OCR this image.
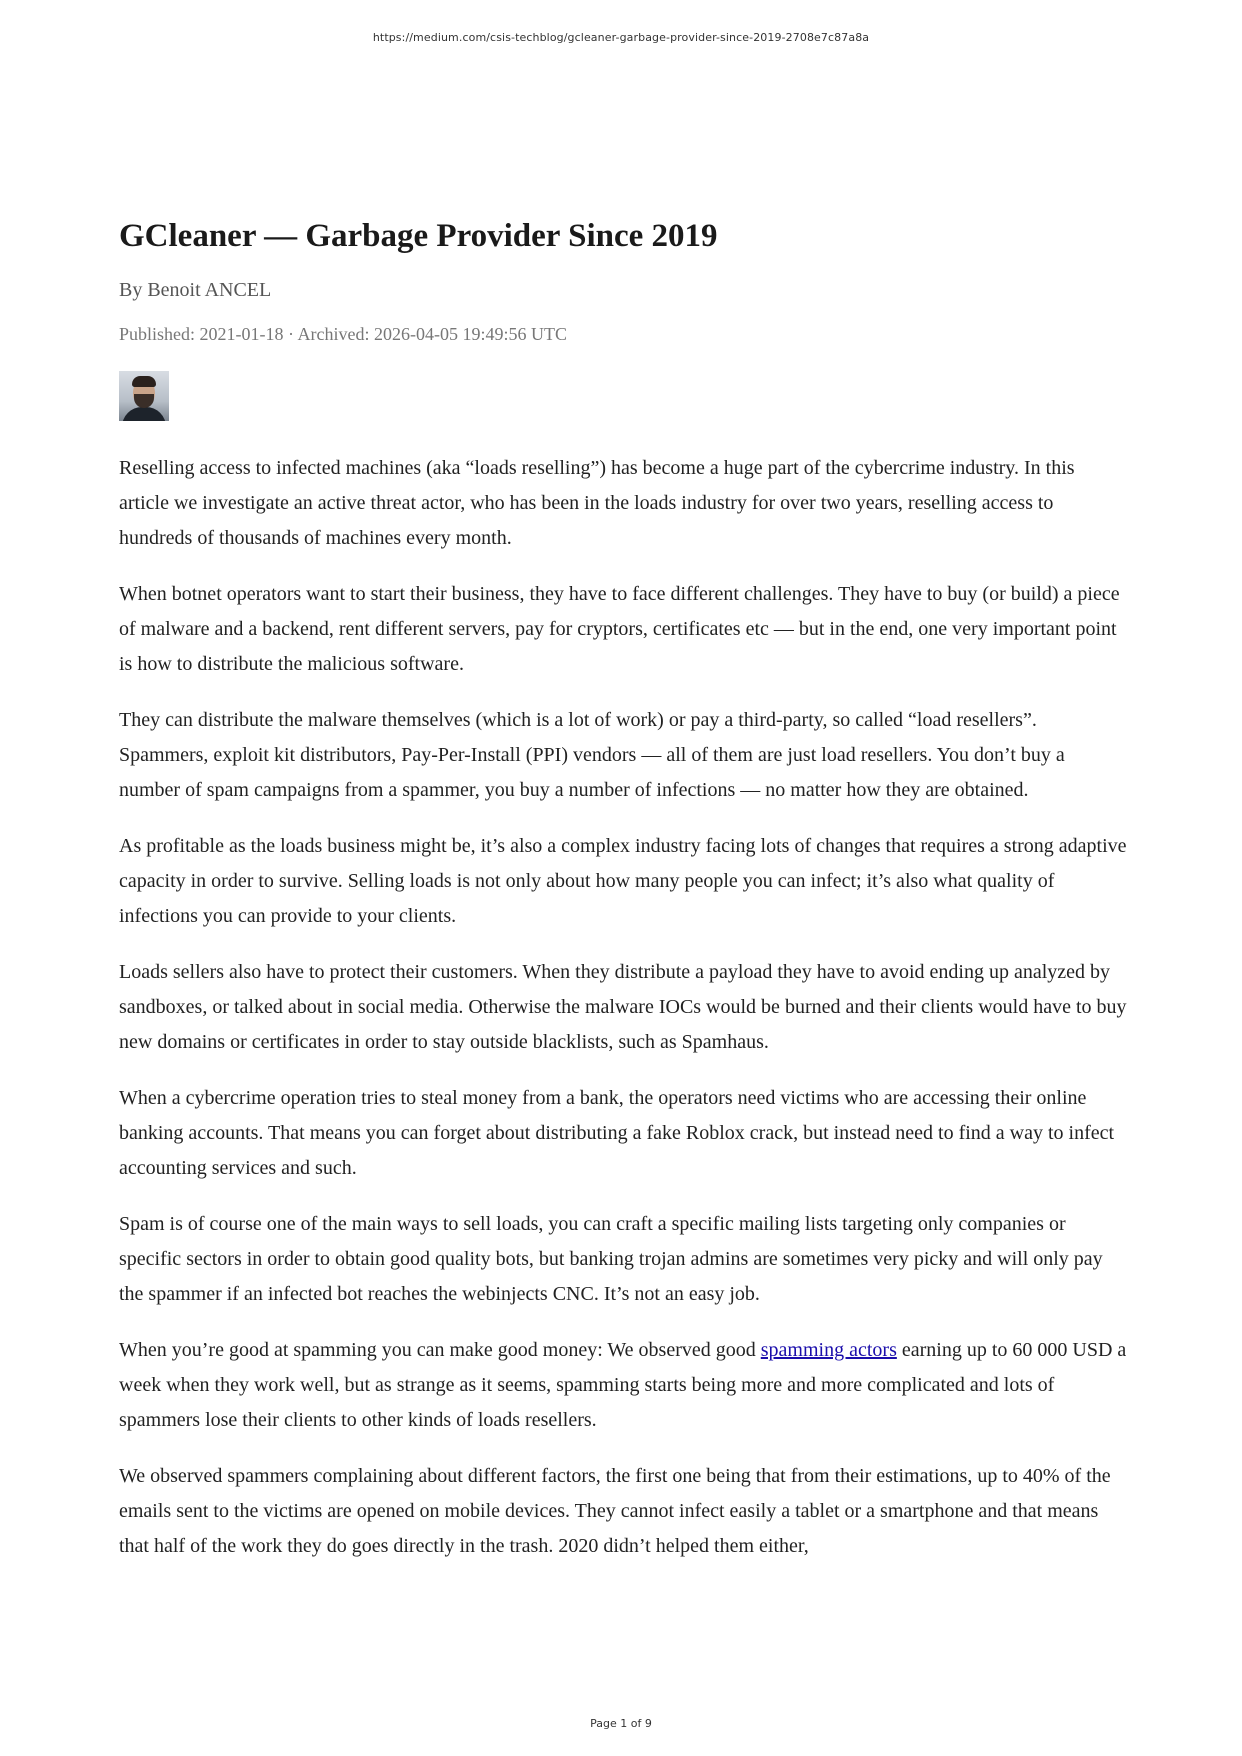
https://medium.com/csis-techblog/gcleaner-garbage-provider-since-2019-2708e7c87a8a
GCleaner — Garbage Provider Since 2019
By Benoit ANCEL
Published: 2021-01-18 · Archived: 2026-04-05 19:49:56 UTC

Reselling access to infected machines (aka “loads reselling”) has become a huge part of the cybercrime industry. In this article we investigate an active threat actor, who has been in the loads industry for over two years, reselling access to hundreds of thousands of machines every month.

When botnet operators want to start their business, they have to face different challenges. They have to buy (or build) a piece of malware and a backend, rent different servers, pay for cryptors, certificates etc — but in the end, one very important point is how to distribute the malicious software.

They can distribute the malware themselves (which is a lot of work) or pay a third-party, so called “load resellers”. Spammers, exploit kit distributors, Pay-Per-Install (PPI) vendors — all of them are just load resellers. You don’t buy a number of spam campaigns from a spammer, you buy a number of infections — no matter how they are obtained.

As profitable as the loads business might be, it’s also a complex industry facing lots of changes that requires a strong adaptive capacity in order to survive. Selling loads is not only about how many people you can infect; it’s also what quality of infections you can provide to your clients.

Loads sellers also have to protect their customers. When they distribute a payload they have to avoid ending up analyzed by sandboxes, or talked about in social media. Otherwise the malware IOCs would be burned and their clients would have to buy new domains or certificates in order to stay outside blacklists, such as Spamhaus.

When a cybercrime operation tries to steal money from a bank, the operators need victims who are accessing their online banking accounts. That means you can forget about distributing a fake Roblox crack, but instead need to find a way to infect accounting services and such.

Spam is of course one of the main ways to sell loads, you can craft a specific mailing lists targeting only companies or specific sectors in order to obtain good quality bots, but banking trojan admins are sometimes very picky and will only pay the spammer if an infected bot reaches the webinjects CNC. It’s not an easy job.

When you’re good at spamming you can make good money: We observed good spamming actors earning up to 60 000 USD a week when they work well, but as strange as it seems, spamming starts being more and more complicated and lots of spammers lose their clients to other kinds of loads resellers.

We observed spammers complaining about different factors, the first one being that from their estimations, up to 40% of the emails sent to the victims are opened on mobile devices. They cannot infect easily a tablet or a smartphone and that means that half of the work they do goes directly in the trash. 2020 didn’t helped them either,

Page 1 of 9
